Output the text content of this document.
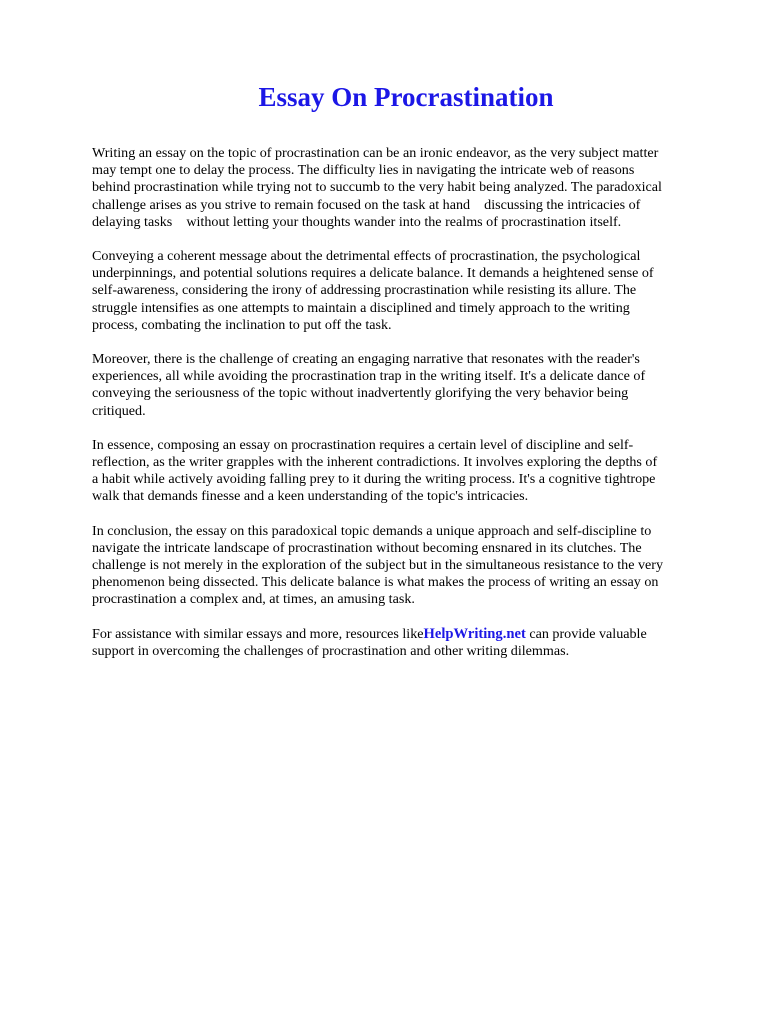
Essay On Procrastination

Writing an essay on the topic of procrastination can be an ironic endeavor, as the very subject matter
may tempt one to delay the process. The difficulty lies in navigating the intricate web of reasons
behind procrastination while trying not to succumb to the very habit being analyzed. The paradoxical
challenge arises as you strive to remain focused on the task at hand    discussing the intricacies of
delaying tasks    without letting your thoughts wander into the realms of procrastination itself.

Conveying a coherent message about the detrimental effects of procrastination, the psychological
underpinnings, and potential solutions requires a delicate balance. It demands a heightened sense of
self-awareness, considering the irony of addressing procrastination while resisting its allure. The
struggle intensifies as one attempts to maintain a disciplined and timely approach to the writing
process, combating the inclination to put off the task.

Moreover, there is the challenge of creating an engaging narrative that resonates with the reader's
experiences, all while avoiding the procrastination trap in the writing itself. It's a delicate dance of
conveying the seriousness of the topic without inadvertently glorifying the very behavior being
critiqued.

In essence, composing an essay on procrastination requires a certain level of discipline and self-
reflection, as the writer grapples with the inherent contradictions. It involves exploring the depths of
a habit while actively avoiding falling prey to it during the writing process. It's a cognitive tightrope
walk that demands finesse and a keen understanding of the topic's intricacies.

In conclusion, the essay on this paradoxical topic demands a unique approach and self-discipline to
navigate the intricate landscape of procrastination without becoming ensnared in its clutches. The
challenge is not merely in the exploration of the subject but in the simultaneous resistance to the very
phenomenon being dissected. This delicate balance is what makes the process of writing an essay on
procrastination a complex and, at times, an amusing task.

For assistance with similar essays and more, resources likeHelpWriting.net can provide valuable
support in overcoming the challenges of procrastination and other writing dilemmas.
